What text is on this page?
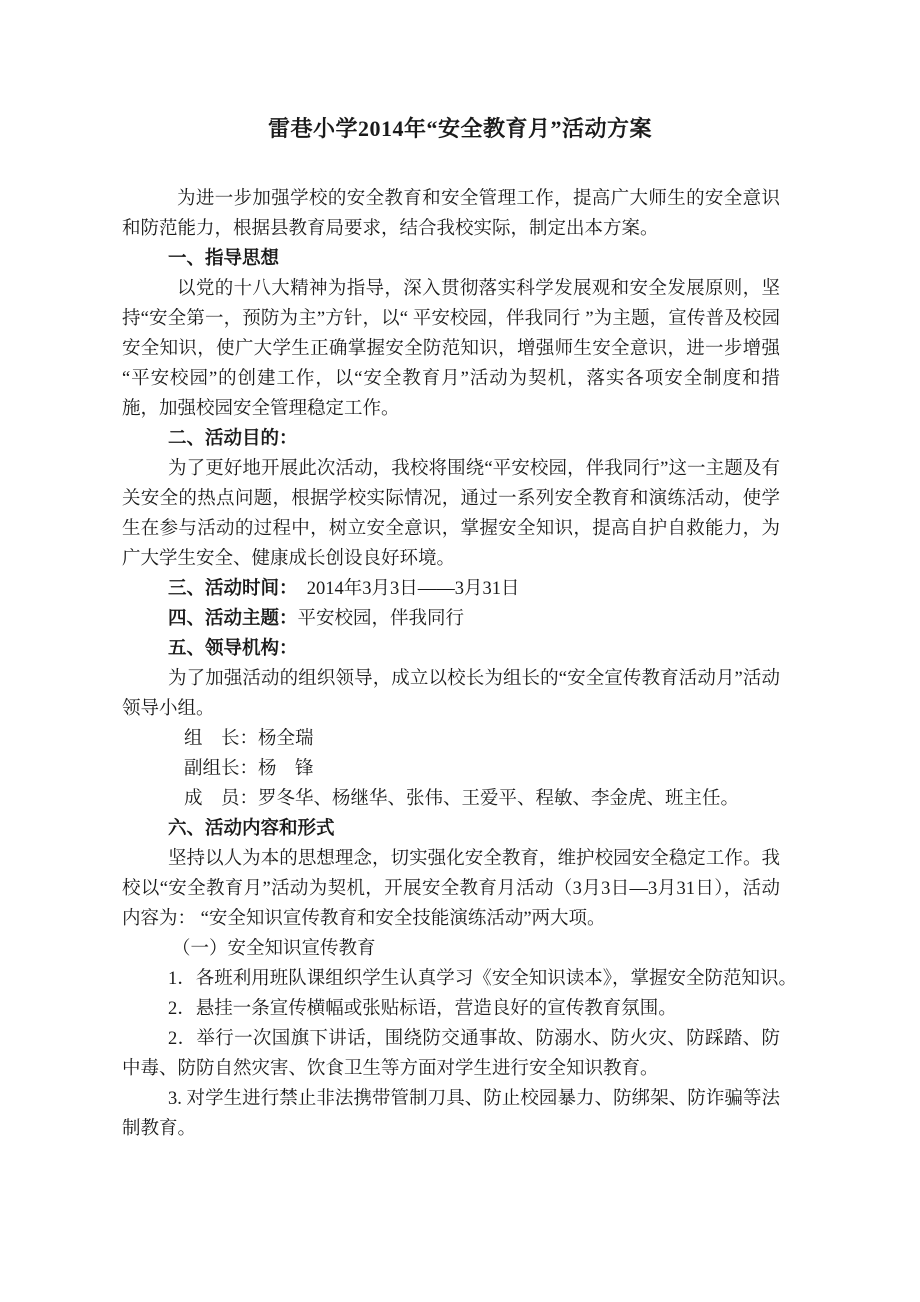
雷巷小学2014年“安全教育月”活动方案

为进一步加强学校的安全教育和安全管理工作，提高广大师生的安全意识和防范能力，根据县教育局要求，结合我校实际，制定出本方案。

一、指导思想

以党的十八大精神为指导，深入贯彻落实科学发展观和安全发展原则，坚持“安全第一，预防为主”方针，以“ 平安校园，伴我同行 ”为主题，宣传普及校园安全知识，使广大学生正确掌握安全防范知识，增强师生安全意识，进一步增强 “平安校园”的创建工作，以“安全教育月”活动为契机，落实各项安全制度和措施，加强校园安全管理稳定工作。

二、活动目的：

为了更好地开展此次活动，我校将围绕“平安校园，伴我同行”这一主题及有关安全的热点问题，根据学校实际情况，通过一系列安全教育和演练活动，使学生在参与活动的过程中，树立安全意识，掌握安全知识，提高自护自救能力，为广大学生安全、健康成长创设良好环境。

三、活动时间：　2014年3月3日——3月31日

四、活动主题：平安校园，伴我同行

五、领导机构：

为了加强活动的组织领导，成立以校长为组长的“安全宣传教育活动月”活动领导小组。

组　长：杨全瑞

副组长：杨　锋

成　员：罗冬华、杨继华、张伟、王爱平、程敏、李金虎、班主任。

六、活动内容和形式

坚持以人为本的思想理念，切实强化安全教育，维护校园安全稳定工作。我校以“安全教育月”活动为契机，开展安全教育月活动（3月3日—3月31日），活动内容为： “安全知识宣传教育和安全技能演练活动”两大项。

（一）安全知识宣传教育

1．各班利用班队课组织学生认真学习《安全知识读本》，掌握安全防范知识。

2．悬挂一条宣传横幅或张贴标语，营造良好的宣传教育氛围。

2．举行一次国旗下讲话，围绕防交通事故、防溺水、防火灾、防踩踏、防中毒、防防自然灾害、饮食卫生等方面对学生进行安全知识教育。

3. 对学生进行禁止非法携带管制刀具、防止校园暴力、防绑架、防诈骗等法制教育。
